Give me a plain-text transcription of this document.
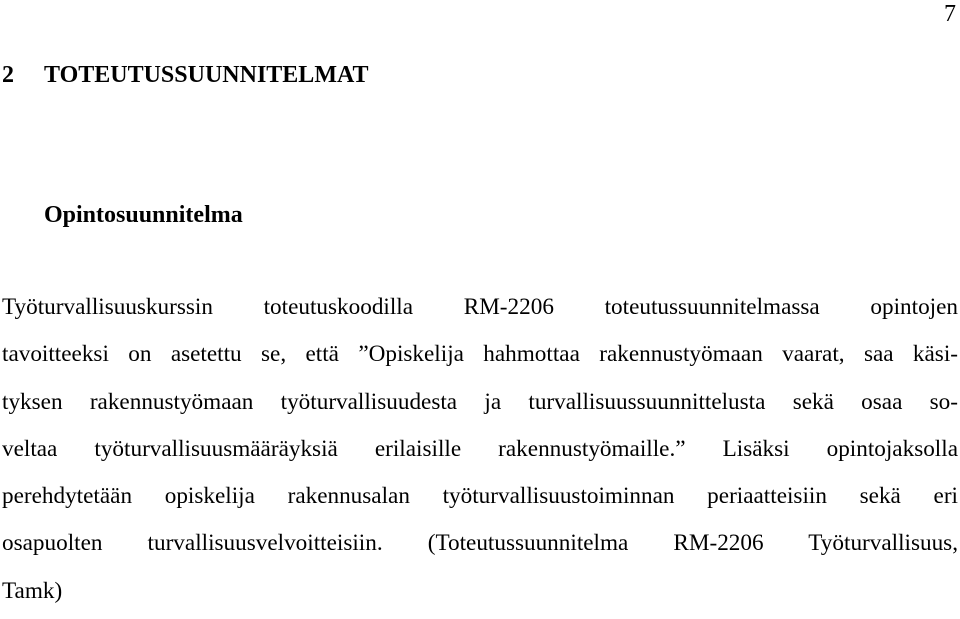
7
2 TOTEUTUSSUUNNITELMAT
Opintosuunnitelma
Työturvallisuuskurssin toteutuskoodilla RM-2206 toteutussuunnitelmassa opintojen
tavoitteeksi on asetettu se, että ”Opiskelija hahmottaa rakennustyömaan vaarat, saa käsi-
tyksen rakennustyömaan työturvallisuudesta ja turvallisuussuunnittelusta sekä osaa so-
veltaa työturvallisuusmääräyksiä erilaisille rakennustyömaille.” Lisäksi opintojaksolla
perehdytetään opiskelija rakennusalan työturvallisuustoiminnan periaatteisiin sekä eri
osapuolten turvallisuusvelvoitteisiin. (Toteutussuunnitelma RM-2206 Työturvallisuus,
Tamk)
